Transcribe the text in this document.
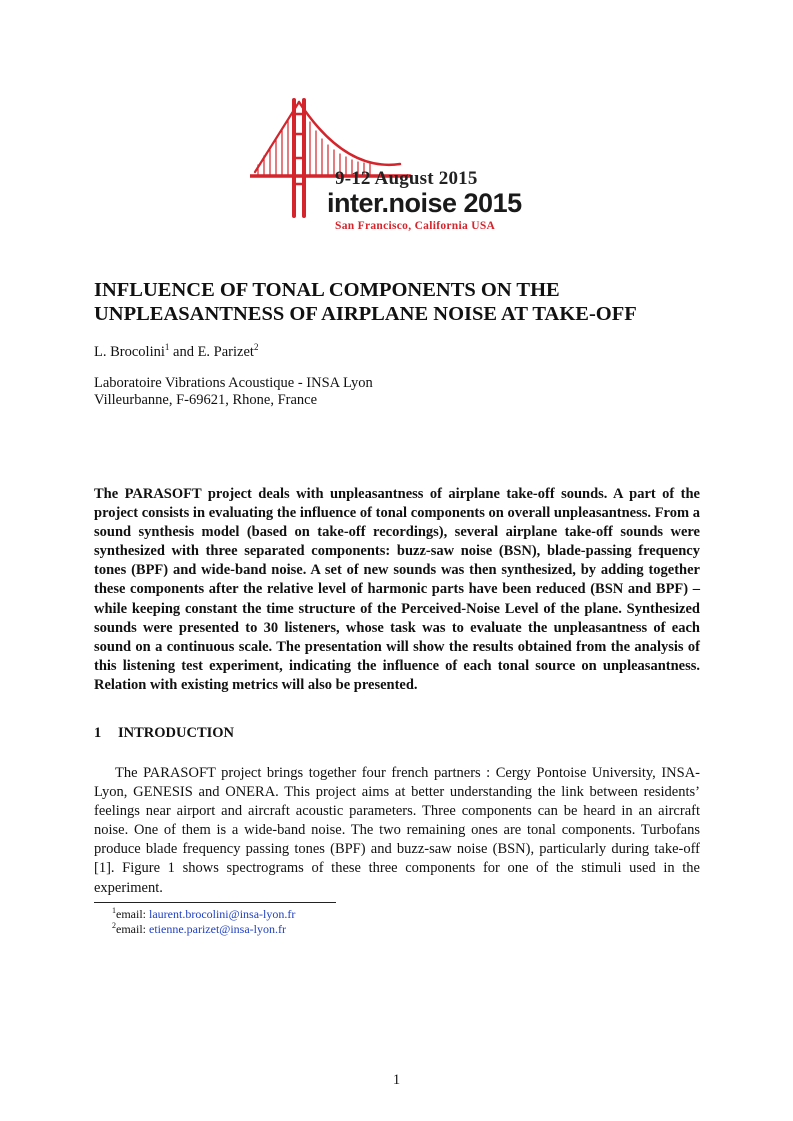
9-12 August 2015
inter.noise 2015
San Francisco, California USA
INFLUENCE OF TONAL COMPONENTS ON THE
UNPLEASANTNESS OF AIRPLANE NOISE AT TAKE-OFF
L. Brocolini$^1$ and E. Parizet$^2$
Laboratoire Vibrations Acoustique - INSA Lyon
Villeurbanne, F-69621, Rhone, France

The PARASOFT project deals with unpleasantness of airplane take-off sounds. A part of the project consists in evaluating the influence of tonal components on overall unpleasantness. From a sound synthesis model (based on take-off recordings), several airplane take-off sounds were synthesized with three separated components: buzz-saw noise (BSN), blade-passing frequency tones (BPF) and wide-band noise. A set of new sounds was then synthesized, by adding together these components after the relative level of harmonic parts have been reduced (BSN and BPF) – while keeping constant the time structure of the Perceived-Noise Level of the plane. Synthesized sounds were presented to 30 listeners, whose task was to evaluate the unpleasantness of each sound on a continuous scale. The presentation will show the results obtained from the analysis of this listening test experiment, indicating the influence of each tonal source on unpleasantness. Relation with existing metrics will also be presented.

1 INTRODUCTION

The PARASOFT project brings together four french partners : Cergy Pontoise University, INSA-Lyon, GENESIS and ONERA. This project aims at better understanding the link between residents’ feelings near airport and aircraft acoustic parameters. Three components can be heard in an aircraft noise. One of them is a wide-band noise. The two remaining ones are tonal components. Turbofans produce blade frequency passing tones (BPF) and buzz-saw noise (BSN), particularly during take-off [1]. Figure 1 shows spectrograms of these three components for one of the stimuli used in the experiment.

$^1$email: laurent.brocolini@insa-lyon.fr
$^2$email: etienne.parizet@insa-lyon.fr
1
